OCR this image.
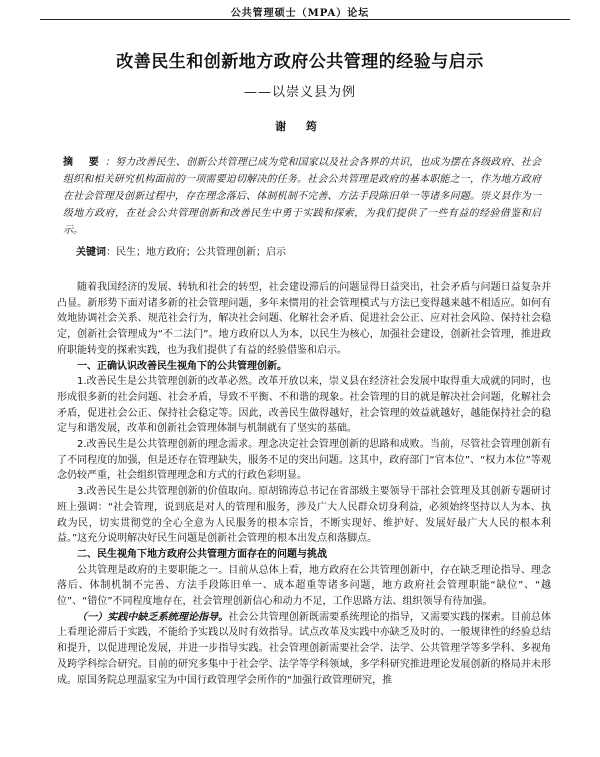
公共管理硕士（MPA）论坛
改善民生和创新地方政府公共管理的经验与启示
——以崇义县为例
谢 筠
摘 要：努力改善民生、创新公共管理已成为党和国家以及社会各界的共识，也成为摆在各级政府、社会组织和相关研究机构面前的一项需要迫切解决的任务。社会公共管理是政府的基本职能之一，作为地方政府在社会管理及创新过程中，存在理念落后、体制机制不完善、方法手段陈旧单一等诸多问题。崇义县作为一级地方政府，在社会公共管理创新和改善民生中勇于实践和探索，为我们提供了一些有益的经验借鉴和启示。
关键词：民生；地方政府；公共管理创新；启示

随着我国经济的发展、转轨和社会的转型，社会建设滞后的问题显得日益突出，社会矛盾与问题日益复杂并凸显。新形势下面对诸多新的社会管理问题，多年来惯用的社会管理模式与方法已变得越来越不相适应。如何有效地协调社会关系、规范社会行为，解决社会问题、化解社会矛盾、促进社会公正、应对社会风险、保持社会稳定，创新社会管理成为“不二法门”。地方政府以人为本，以民生为核心，加强社会建设，创新社会管理，推进政府职能转变的探索实践，也为我们提供了有益的经验借鉴和启示。

一、正确认识改善民生视角下的公共管理创新。

1.改善民生是公共管理创新的改革必然。改革开放以来，崇义县在经济社会发展中取得重大成就的同时，也形成很多新的社会问题、社会矛盾，导致不平衡、不和谐的现象。社会管理的目的就是解决社会问题，化解社会矛盾，促进社会公正、保持社会稳定等。因此，改善民生做得越好，社会管理的效益就越好，越能保持社会的稳定与和谐发展，改革和创新社会管理体制与机制就有了坚实的基础。

2.改善民生是公共管理创新的理念需求。理念决定社会管理创新的思路和成败。当前，尽管社会管理创新有了不同程度的加强，但是还存在管理缺失，服务不足的突出问题。这其中，政府部门“官本位”、“权力本位”等观念仍较严重，社会组织管理理念和方式的行政色彩明显。

3.改善民生是公共管理创新的价值取向。原胡锦涛总书记在省部级主要领导干部社会管理及其创新专题研讨班上强调：“社会管理，说到底是对人的管理和服务，涉及广大人民群众切身利益，必须始终坚持以人为本、执政为民，切实贯彻党的全心全意为人民服务的根本宗旨，不断实现好、维护好、发展好最广大人民的根本利益。”这充分说明解决好民生问题是创新社会管理的根本出发点和落脚点。

二、民生视角下地方政府公共管理方面存在的问题与挑战

公共管理是政府的主要职能之一。目前从总体上看，地方政府在公共管理创新中，存在缺乏理论指导、理念落后、体制机制不完善、方法手段陈旧单一、成本超重等诸多问题，地方政府社会管理职能“缺位”、“越位”、“错位”不同程度地存在，社会管理创新信心和动力不足，工作思路方法、组织领导有待加强。

（一）实践中缺乏系统理论指导。社会公共管理创新既需要系统理论的指导，又需要实践的探索。目前总体上看理论滞后于实践，不能给予实践以及时有效指导。试点改革及实践中亦缺乏及时的、一般规律性的经验总结和提升，以促进理论发展，并进一步指导实践。社会管理创新需要社会学、法学、公共管理学等多学科、多视角及跨学科综合研究。目前的研究多集中于社会学、法学等学科领域，多学科研究推进理论发展创新的格局并未形成。原国务院总理温家宝为中国行政管理学会所作的“加强行政管理研究，推
